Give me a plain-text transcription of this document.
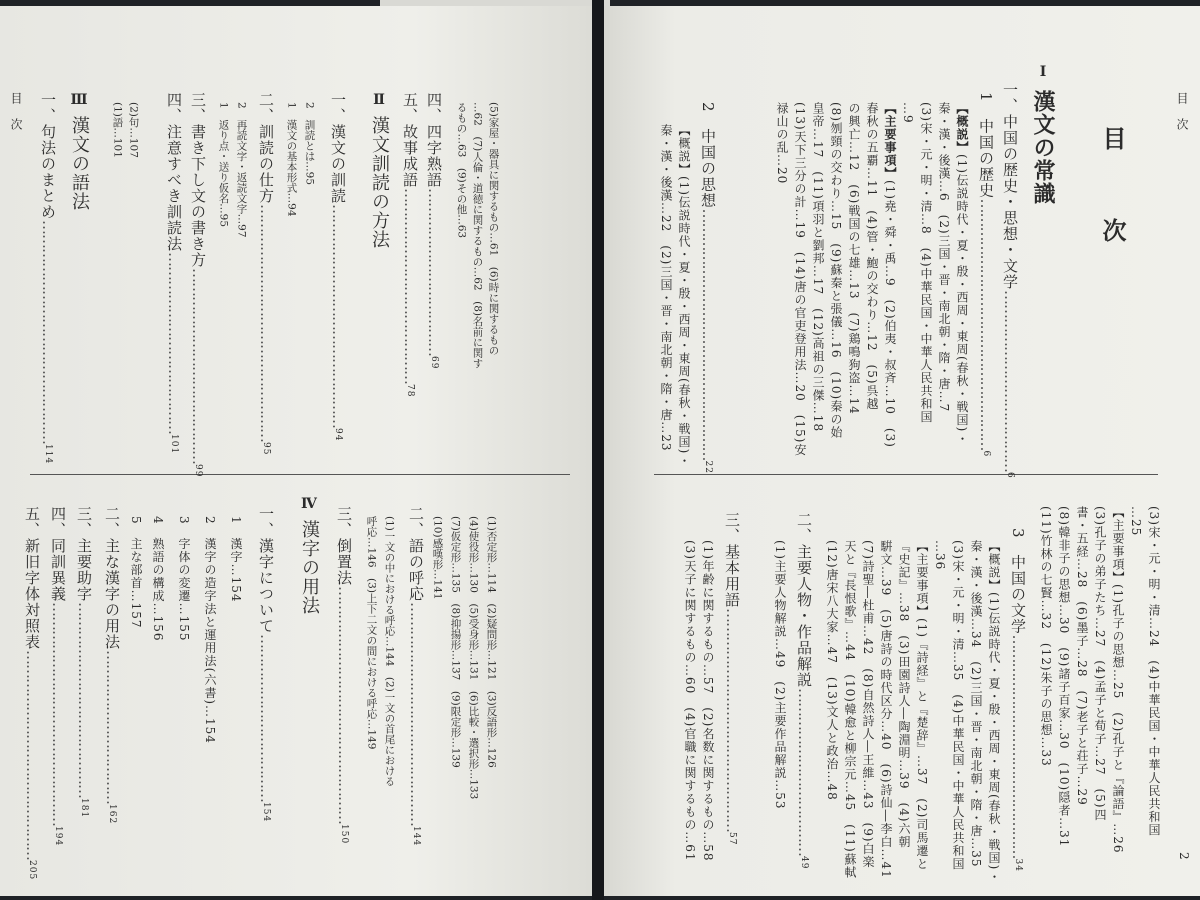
目　次	Ⅲ
漢文の語法
一、句法のまとめ…………………………………………114
(1)語…101 (2)句…107 四、注意すべき訓読法…………………………………101
三、書き下し文の書き方……………………………………99
1　返り点・送り仮名…95 2　再読文字・返読文字…97 二、訓読の仕方……………………………………………95
1　漢文の基本形式…94 2　訓読とは…95 一、漢文の訓読…………………………………………94
Ⅱ
漢文訓読の方法 五、故事成語……………………………………78
四、四字熟語………………………………69
るもの…63　(9)その他…63 …62　(7)人倫・道徳に関するもの…62　(8)名前に関す (5)家屋・器具に関するもの…61　(6)時に関するもの
五、新旧字体対照表………………………………………205
四、同訓異義…………………………………………194
三、主要助字……………………………………181
二、主な漢字の用法……………………………162
5　主な部首…157 4　熟語の構成…156 3　字体の変遷…155 2　漢字の造字法と運用法(六書)…154 1　漢字…154 一、漢字について………………………………154
Ⅳ
漢字の用法 三、倒置法……………………………………………150
呼応…146　(3)上下二文の間における呼応…149 (1)一文の中における呼応…144　(2)一文の首尾における 二、語の呼応…………………………………………144
(10)感嘆形…141 (7)仮定形…135　(8)抑揚形…137　(9)限定形…139 (4)使役形…130　(5)受身形…131　(6)比較・選択形…133 (1)否定形…114　(2)疑問形…121　(3)反語形…126
目　次
2
目　次
Ⅰ
漢文の常識
一、中国の歴史・思想・文学…………………………………6
1　中国の歴史………………………………………………6
【概説】(1)伝説時代・夏・殷・西周・東周(春秋・戦国)・
秦・漢・後漢…6　(2)三国・晋・南北朝・隋・唐…7
(3)宋・元・明・清…8　(4)中華民国・中華人民共和国
…9
【主要事項】(1)堯・舜・禹…9　(2)伯夷・叔斉…10　(3)
春秋の五覇…11　(4)管・鮑の交わり…12　(5)呉越
の興亡…12　(6)戦国の七雄…13　(7)鶏鳴狗盗…14
(8)刎頸の交わり…15　(9)蘇秦と張儀…16　(10)秦の始
皇帝…17　(11)項羽と劉邦…17　(12)高祖の三傑…18
(13)天下三分の計…19　(14)唐の官吏登用法…20　(15)安
禄山の乱…20
2　中国の思想………………………………………………22
【概説】(1)伝説時代・夏・殷・西周・東周(春秋・戦国)・
秦・漢・後漢…22　(2)三国・晋・南北朝・隋・唐…23
(3)宋・元・明・清…24　(4)中華民国・中華人民共和国
…25
【主要事項】(1)孔子の思想…25　(2)孔子と『論語』…26
(3)孔子の弟子たち…27　(4)孟子と荀子…27　(5)四
書・五経…28　(6)墨子…28　(7)老子と荘子…29
(8)韓非子の思想…30　(9)諸子百家…30　(10)隠者…31
(11)竹林の七賢…32　(12)朱子の思想…33
3　中国の文学…………………………………………34
【概説】(1)伝説時代・夏・殷・西周・東周(春秋・戦国)・
秦・漢・後漢…34　(2)三国・晋・南北朝・隋・唐…35
(3)宋・元・明・清…35　(4)中華民国・中華人民共和国
…36
【主要事項】(1)『詩経』と『楚辞』…37　(2)司馬遷と
『史記』…38　(3)田園詩人―陶淵明…39　(4)六朝
騈文…39　(5)唐詩の時代区分…40　(6)詩仙―李白…41
(7)詩聖―杜甫…42　(8)自然詩人―王維…43　(9)白楽
天と『長恨歌』…44　(10)韓愈と柳宗元…45　(11)蘇軾
(12)唐宋八大家…47　(13)文人と政治…48
二、主要人物・作品解説………………………………49
(1)主要人物解説…49　(2)主要作品解説…53
三、基本用語…………………………………………57
(1)年齢に関するもの…57　(2)名数に関するもの…58
(3)天子に関するもの…60　(4)官職に関するもの…61
